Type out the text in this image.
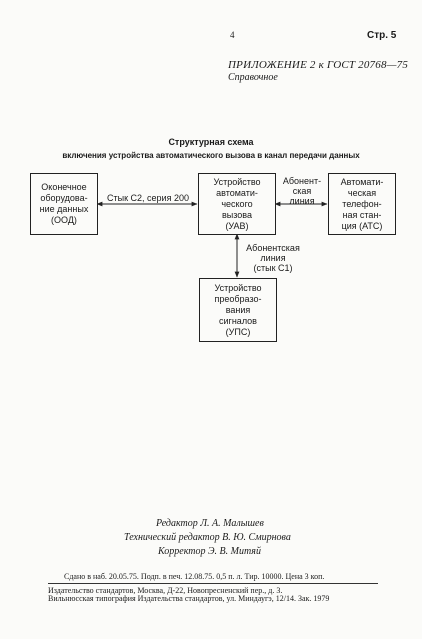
4	Стр. 5
ПРИЛОЖЕНИЕ 2 к ГОСТ 20768—75
Справочное
Структурная схема
включения устройства автоматического вызова в канал передачи данных
Оконечное
оборудова-
ние данных
(ООД)
Устройство
автомати-
ческого
вызова
(УАВ)
Автомати-
ческая
телефон-
ная стан-
ция (АТС)
Устройство
преобразо-
вания
сигналов
(УПС)
Стык С2, серия 200
Абонент-
ская
линия
Абонентская
линия
(стык С1)
Редактор Л. А. Малышев
Технический редактор В. Ю. Смирнова
Корректор Э. В. Митяй
Сдано в наб. 20.05.75. Подп. в печ. 12.08.75. 0,5 п. л. Тир. 10000. Цена 3 коп.
Издательство стандартов, Москва, Д-22, Новопресненский пер., д. 3.
Вильнюсская типография Издательства стандартов, ул. Миндаугэ, 12/14. Зак. 1979
